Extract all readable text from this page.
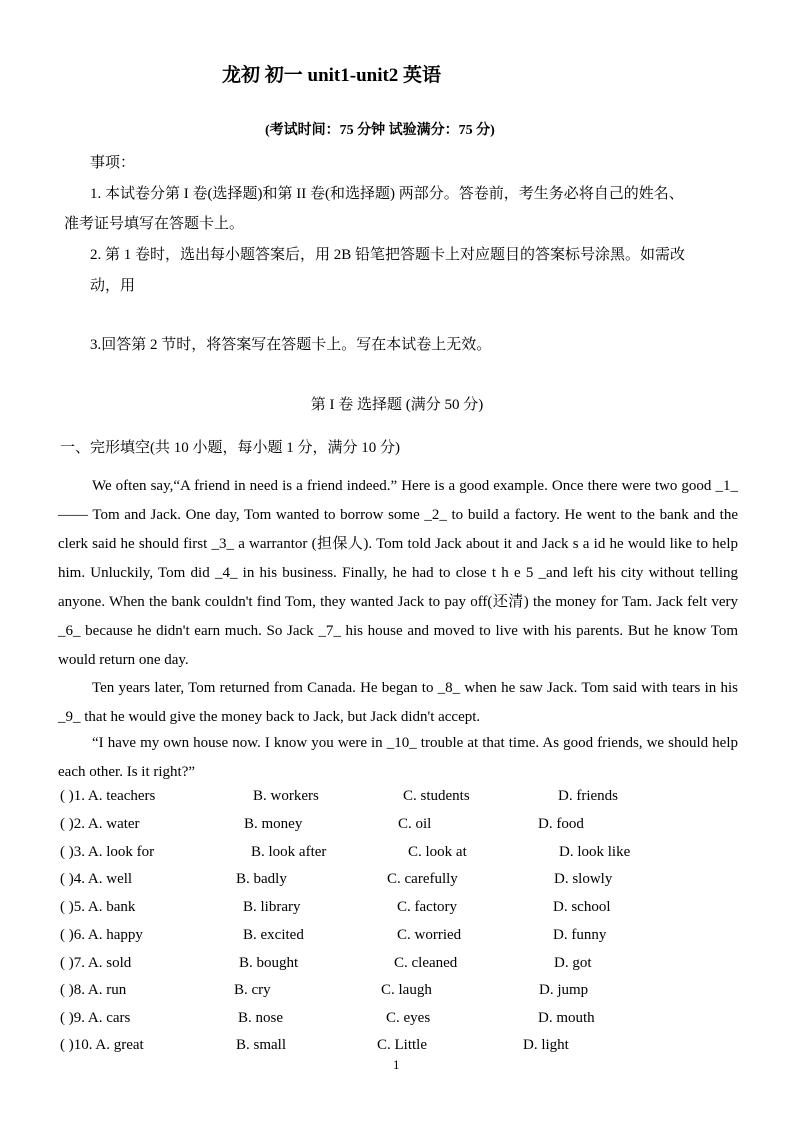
龙初 初一 unit1-unit2 英语
(考试时间：75 分钟 试验满分：75 分)
事项：
1. 本试卷分第 I 卷(选择题)和第 II 卷(和选择题) 两部分。答卷前，考生务必将自己的姓名、
准考证号填写在答题卡上。
2. 第 1 卷时，选出每小题答案后，用 2B 铅笔把答题卡上对应题目的答案标号涂黑。如需改
动，用
3.回答第 2 节时，将答案写在答题卡上。写在本试卷上无效。
第 I 卷 选择题 (满分 50 分)
一、完形填空(共 10 小题，每小题 1 分，满分 10 分)
We often say,“A friend in need is a friend indeed.” Here is a good example. Once there were two good _1_—— Tom and Jack. One day, Tom wanted to borrow some _2_ to build a factory. He went to the bank and the clerk said he should first _3_ a warrantor (担保人). Tom told Jack about it and Jack s a id he would like to help him. Unluckily, Tom did _4_ in his business. Finally, he had to close t h e 5 _and left his city without telling anyone. When the bank couldn't find Tom, they wanted Jack to pay off(还清) the money for Tam. Jack felt very _6_ because he didn't earn much. So Jack _7_ his house and moved to live with his parents. But he know Tom would return one day.
Ten years later, Tom returned from Canada. He began to _8_ when he saw Jack. Tom said with tears in his _9_ that he would give the money back to Jack, but Jack didn't accept.
“I have my own house now. I know you were in _10_ trouble at that time. As good friends, we should help each other. Is it right?”
( )1. A. teachers	B. workers	C. students	D. friends
( )2. A. water	B. money	C. oil	D. food
( )3. A. look for	B. look after	C. look at	D. look like
( )4. A. well	B. badly	C. carefully	D. slowly
( )5. A. bank	B. library	C. factory	D. school
( )6. A. happy	B. excited	C. worried	D. funny
( )7. A. sold	B. bought	C. cleaned	D. got
( )8. A. run	B. cry	C. laugh	D. jump
( )9. A. cars	B. nose	C. eyes	D. mouth
( )10. A. great	B. small	C. Little	D. light
1
